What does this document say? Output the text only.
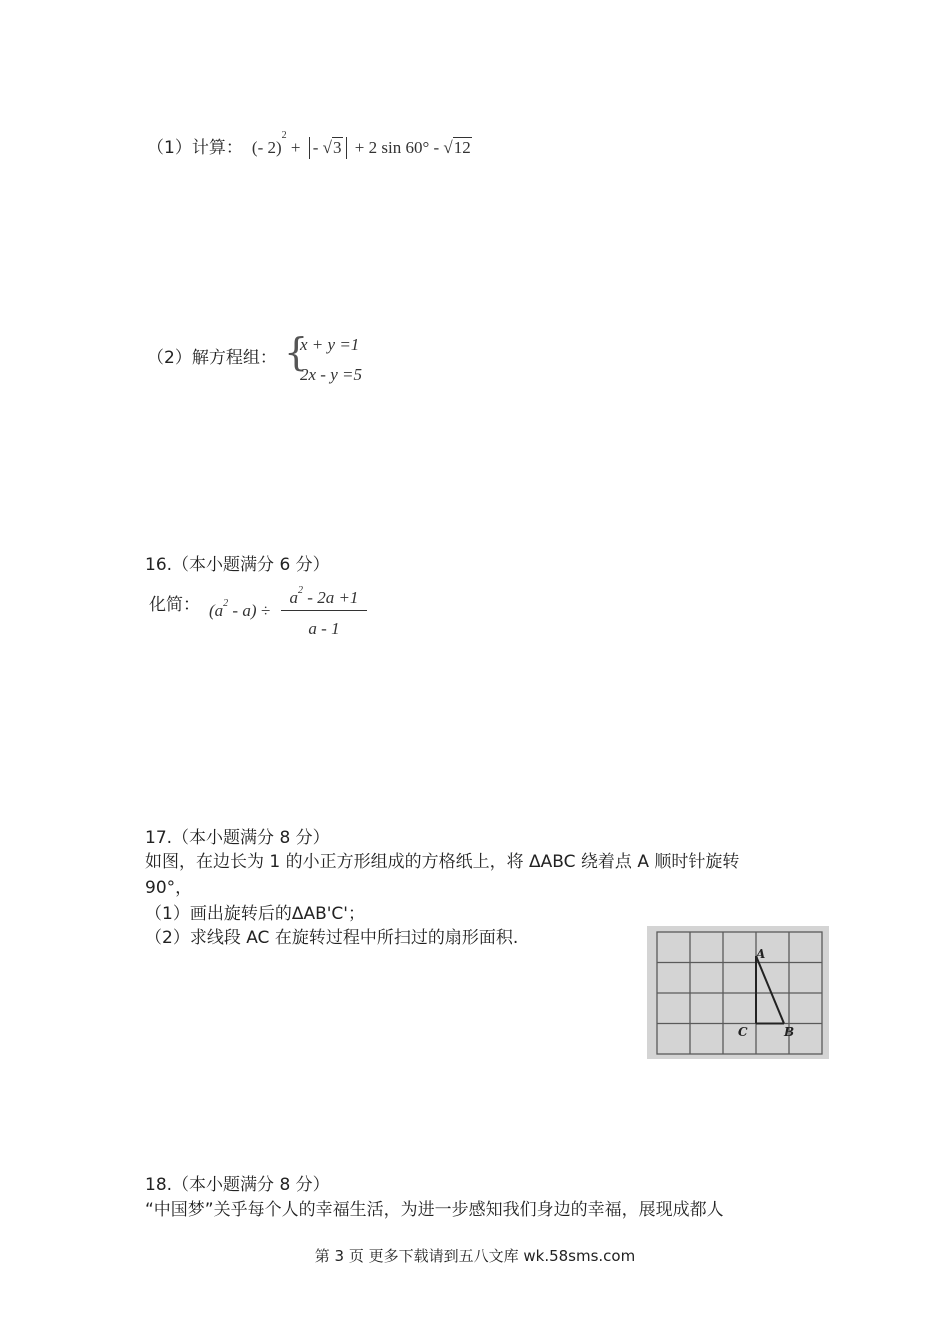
（1）计算： (- 2)$^2$ + - √3 + 2 sin 60° - √12
（2）解方程组： {
x + y =1
2x - y =5
16.（本小题满分 6 分）
化简： $(a^2 - a)$ ÷
$a^2 - 2a +1$
a - 1
17.（本小题满分 8 分）
如图，在边长为 1 的小正方形组成的方格纸上，将 ΔABC 绕着点 A 顺时针旋转
90°，
（1）画出旋转后的ΔAB'C'；
（2）求线段 AC 在旋转过程中所扫过的扇形面积.
A
B
C
18.（本小题满分 8 分）
“中国梦”关乎每个人的幸福生活，为进一步感知我们身边的幸福，展现成都人
第 3 页 更多下载请到五八文库 wk.58sms.com
